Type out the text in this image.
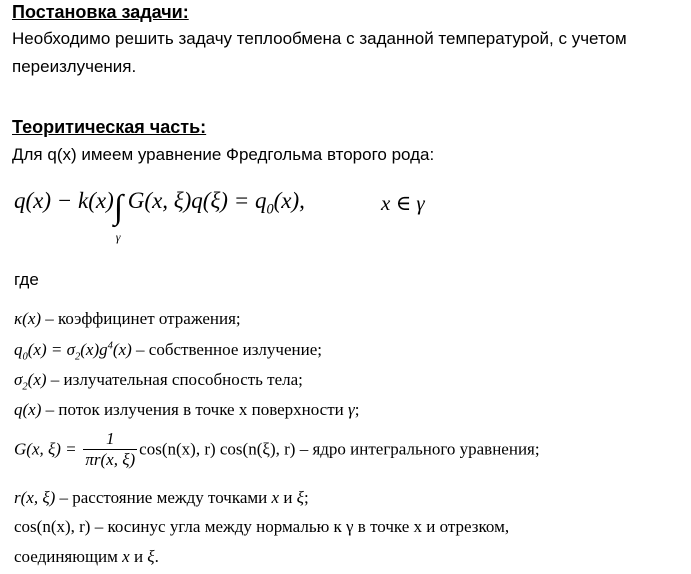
Постановка задачи:
Необходимо решить задачу теплообмена с заданной температурой, с учетом
переизлучения.
Теоритическая часть:
Для q(x) имеем уравнение Фредгольма второго рода:
q(x) − k(x)∫
γ
G(x, $\xi)q(\xi) = q_0(x)$,	x ∈ γ
где
κ(x) – коэффицинет отражения;
$q_0(x) = \sigma_2(x)g^4(x)$ – собственное излучение;
$\sigma_2(x)$ – излучательная способность тела;
q(x) – поток излучения в точке x поверхности γ;
G(x, $\xi) = \frac{1}{\pi r(x, \xi)} \cos(n(x)$, r) cos(n(ξ), r) – ядро интегрального уравнения;
r(x, ξ) – расстояние между точками x и ξ;
cos(n(x), r) – косинус угла между нормалью к γ в точке x и отрезком,
соединяющим x и ξ.
